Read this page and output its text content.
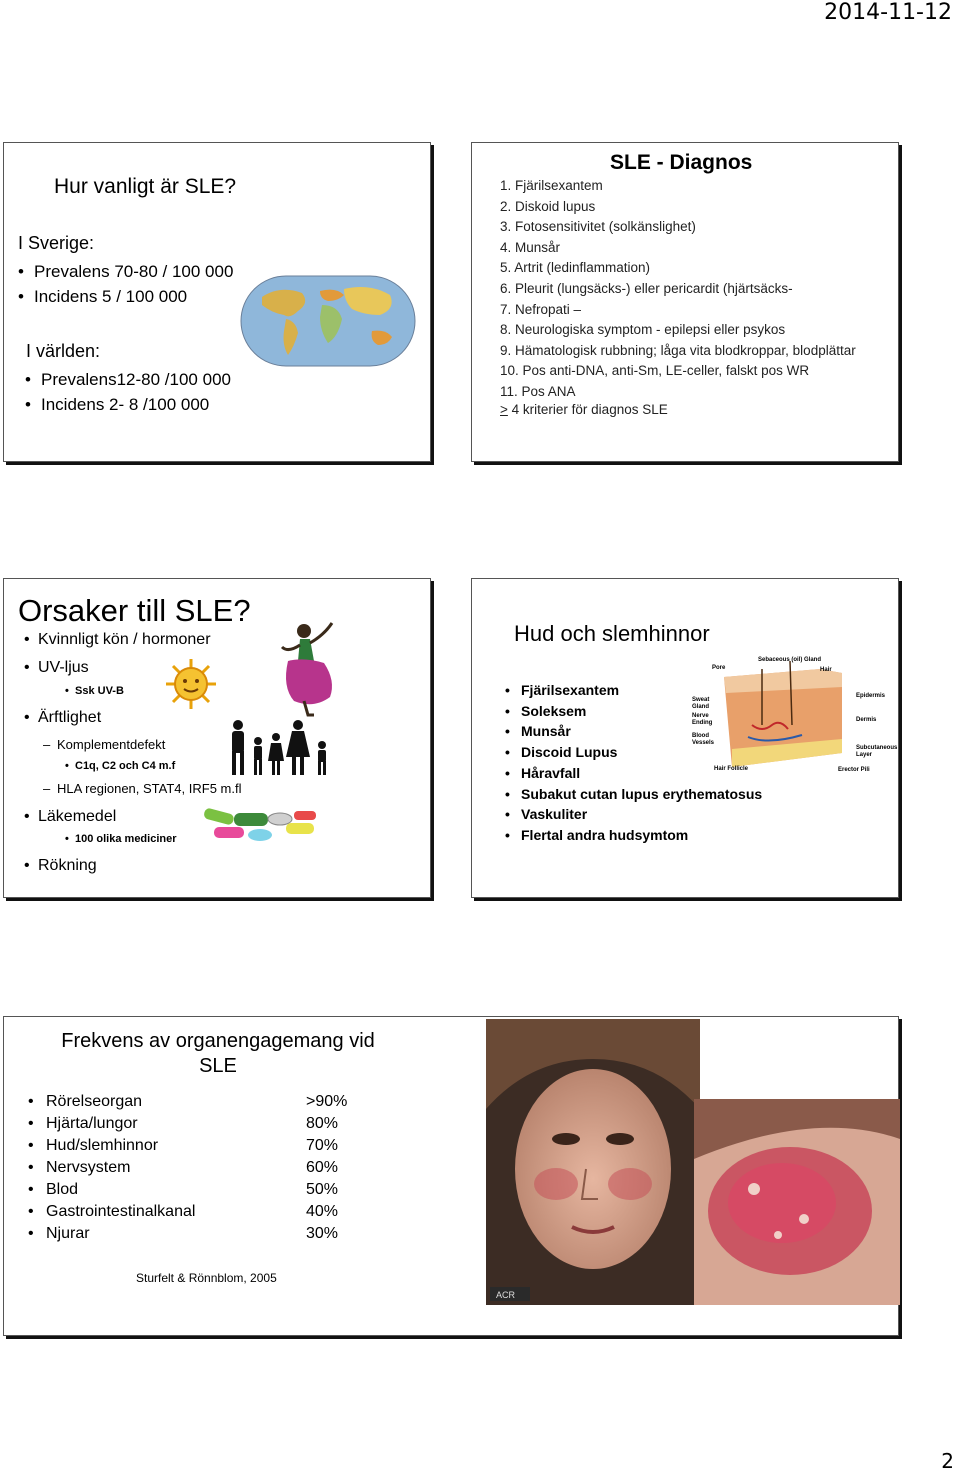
2014-11-12
Hur vanligt är SLE?
I Sverige:
• Prevalens 70-80 / 100 000
• Incidens 5 / 100 000
I världen:
• Prevalens12-80 /100 000
• Incidens 2- 8 /100 000
SLE - Diagnos
1. Fjärilsexantem
2. Diskoid lupus
3. Fotosensitivitet (solkänslighet)
4. Munsår
5. Artrit (ledinflammation)
6. Pleurit (lungsäcks-) eller pericardit (hjärtsäcks-
7. Nefropati –
8. Neurologiska symptom - epilepsi eller psykos
9. Hämatologisk rubbning; låga vita blodkroppar, blodplättar
10. Pos anti-DNA, anti-Sm, LE-celler, falskt pos WR
11. Pos ANA
≥ 4 kriterier för diagnos SLE
Orsaker till SLE?
• Kvinnligt kön / hormoner
• UV-ljus
• Ssk UV-B
• Ärftlighet
– Komplementdefekt
• C1q, C2 och C4 m.f
– HLA regionen, STAT4, IRF5 m.fl
• Läkemedel
• 100 olika mediciner
• Rökning
Hud och slemhinnor
• Fjärilsexantem
• Soleksem
• Munsår
• Discoid Lupus
• Håravfall
• Subakut cutan lupus erythematosus
• Vaskuliter
• Flertal andra hudsymtom
Pore
Sebaceous (oil) Gland
Hair
Sweat Gland
Nerve Ending
Blood Vessels
Hair Follicle
Epidermis
Dermis
Subcutaneous Layer
Erector Pili
Frekvens av organengagemang vid
SLE
• Rörelseorgan	>90%
• Hjärta/lungor	80%
• Hud/slemhinnor	70%
• Nervsystem	60%
• Blod	50%
• Gastrointestinalkanal	40%
• Njurar	30%
Sturfelt & Rönnblom, 2005
ACR
2
